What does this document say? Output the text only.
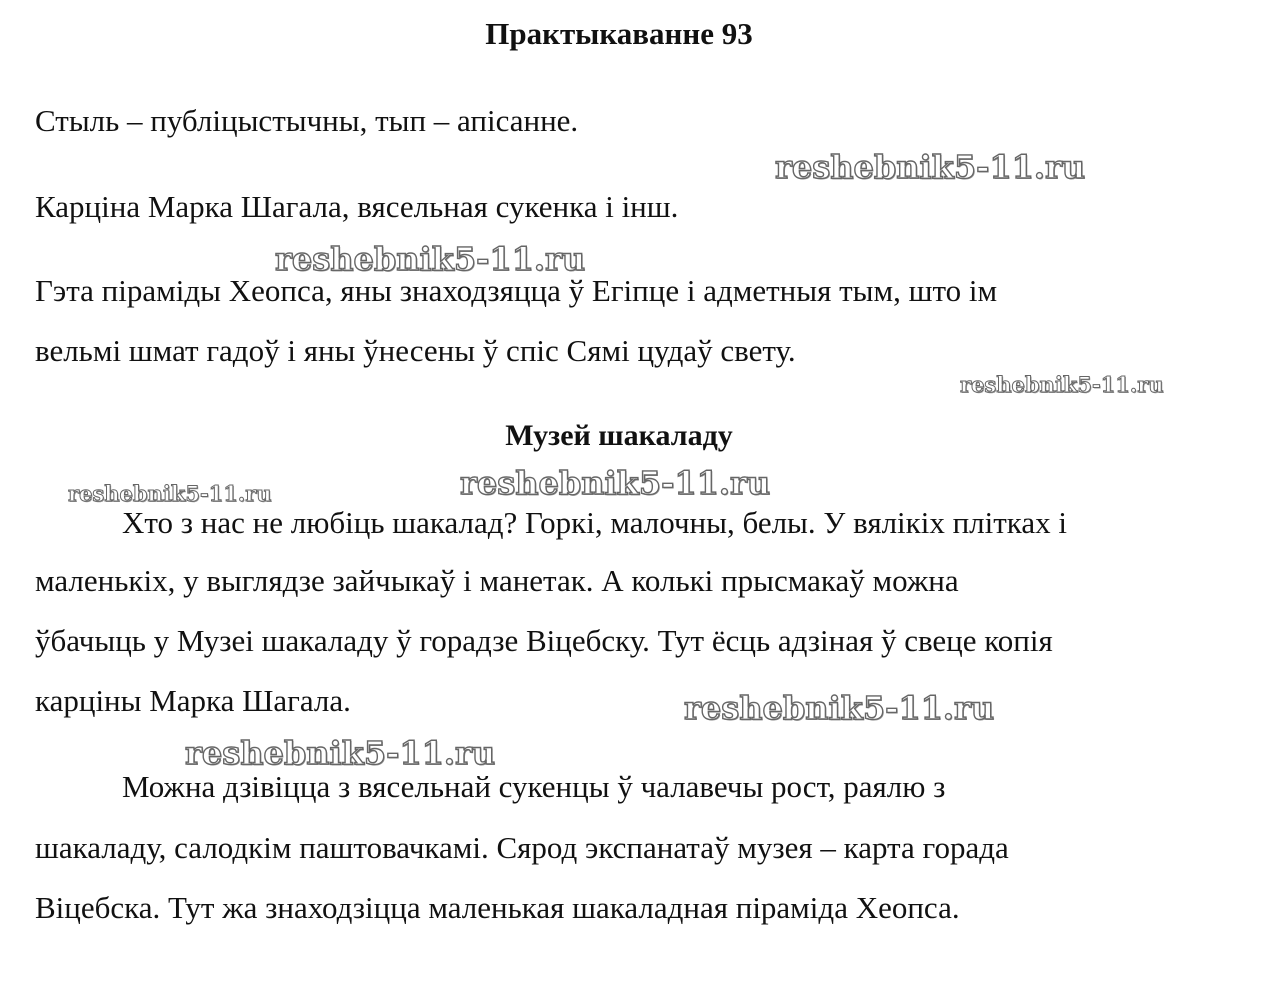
Практыкаванне 93
Стыль – публіцыстычны, тып – апісанне.
Карціна Марка Шагала, вясельная сукенка і інш.
Гэта піраміды Хеопса, яны знаходзяцца ў Егіпце і адметныя тым, што ім
вельмі шмат гадоў і яны ўнесены ў спіс Сямі цудаў свету.
Музей шакаладу
Хто з нас не любіць шакалад? Горкі, малочны, белы. У вялікіх плітках і
маленькіх, у выглядзе зайчыкаў і манетак. А колькі прысмакаў можна
ўбачыць у Музеі шакаладу ў горадзе Віцебску. Тут ёсць адзіная ў свеце копія
карціны Марка Шагала.
Можна дзівіцца з вясельнай сукенцы ў чалавечы рост, раялю з
шакаладу, салодкім паштовачкамі. Сярод экспанатаў музея – карта горада
Віцебска. Тут жа знаходзіцца маленькая шакаладная піраміда Хеопса.
reshebnik5-11.ru
reshebnik5-11.ru
reshebnik5-11.ru
reshebnik5-11.ru	reshebnik5-11.ru
reshebnik5-11.ru
reshebnik5-11.ru
